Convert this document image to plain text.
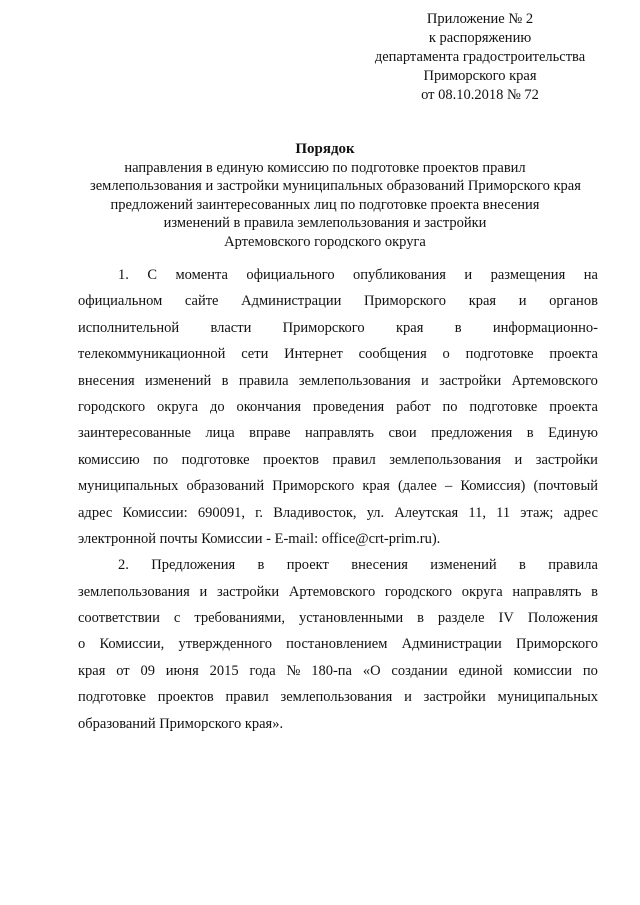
Приложение № 2
к распоряжению
департамента градостроительства
Приморского края
от 08.10.2018 № 72
Порядок
направления в единую комиссию по подготовке проектов правил
землепользования и застройки муниципальных образований Приморского края
предложений заинтересованных лиц по подготовке проекта внесения
изменений в правила землепользования и застройки
Артемовского городского округа
1. С момента официального опубликования и размещения на
официальном сайте Администрации Приморского края и органов
исполнительной власти Приморского края в информационно-
телекоммуникационной сети Интернет сообщения о подготовке проекта
внесения изменений в правила землепользования и застройки Артемовского
городского округа до окончания проведения работ по подготовке проекта
заинтересованные лица вправе направлять свои предложения в Единую
комиссию по подготовке проектов правил землепользования и застройки
муниципальных образований Приморского края (далее – Комиссия) (почтовый
адрес Комиссии: 690091, г. Владивосток, ул. Алеутская 11, 11 этаж; адрес
электронной почты Комиссии - E-mail: office@crt-prim.ru).
2. Предложения в проект внесения изменений в правила
землепользования и застройки Артемовского городского округа направлять в
соответствии с требованиями, установленными в разделе IV Положения
о Комиссии, утвержденного постановлением Администрации Приморского
края от 09 июня 2015 года № 180-па «О создании единой комиссии по
подготовке проектов правил землепользования и застройки муниципальных
образований Приморского края».
